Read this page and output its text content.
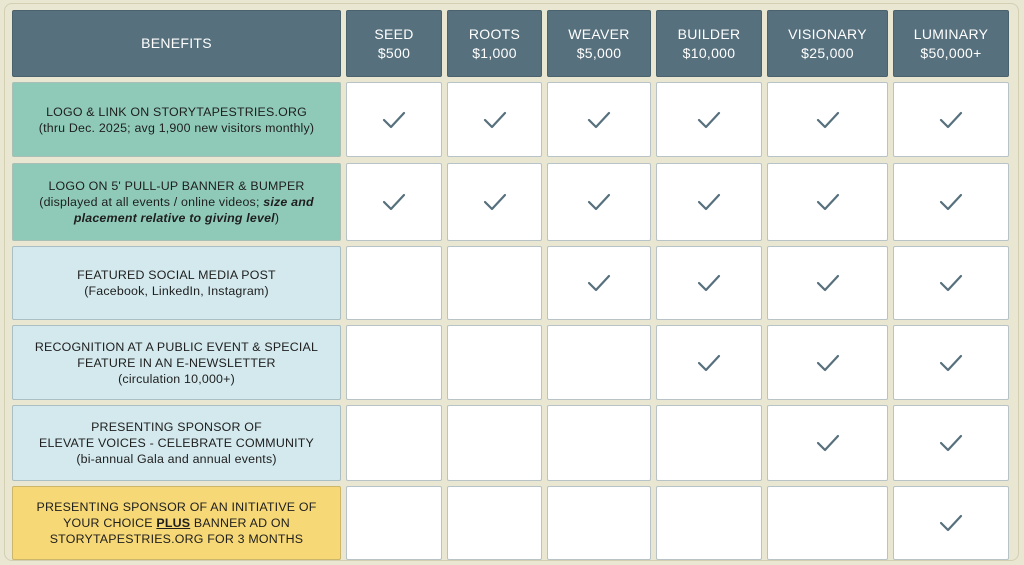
BENEFITS
SEED
$500
ROOTS
$1,000
WEAVER
$5,000
BUILDER
$10,000
VISIONARY
$25,000
LUMINARY
$50,000+
LOGO & LINK ON STORYTAPESTRIES.ORG
(thru Dec. 2025; avg 1,900 new visitors monthly)
LOGO ON 5' PULL-UP BANNER & BUMPER
(displayed at all events / online videos; size and
placement relative to giving level)
FEATURED SOCIAL MEDIA POST
(Facebook, LinkedIn, Instagram)
RECOGNITION AT A PUBLIC EVENT & SPECIAL
FEATURE IN AN E-NEWSLETTER
(circulation 10,000+)
PRESENTING SPONSOR OF
ELEVATE VOICES - CELEBRATE COMMUNITY
(bi-annual Gala and annual events)
PRESENTING SPONSOR OF AN INITIATIVE OF
YOUR CHOICE PLUS BANNER AD ON
STORYTAPESTRIES.ORG FOR 3 MONTHS
